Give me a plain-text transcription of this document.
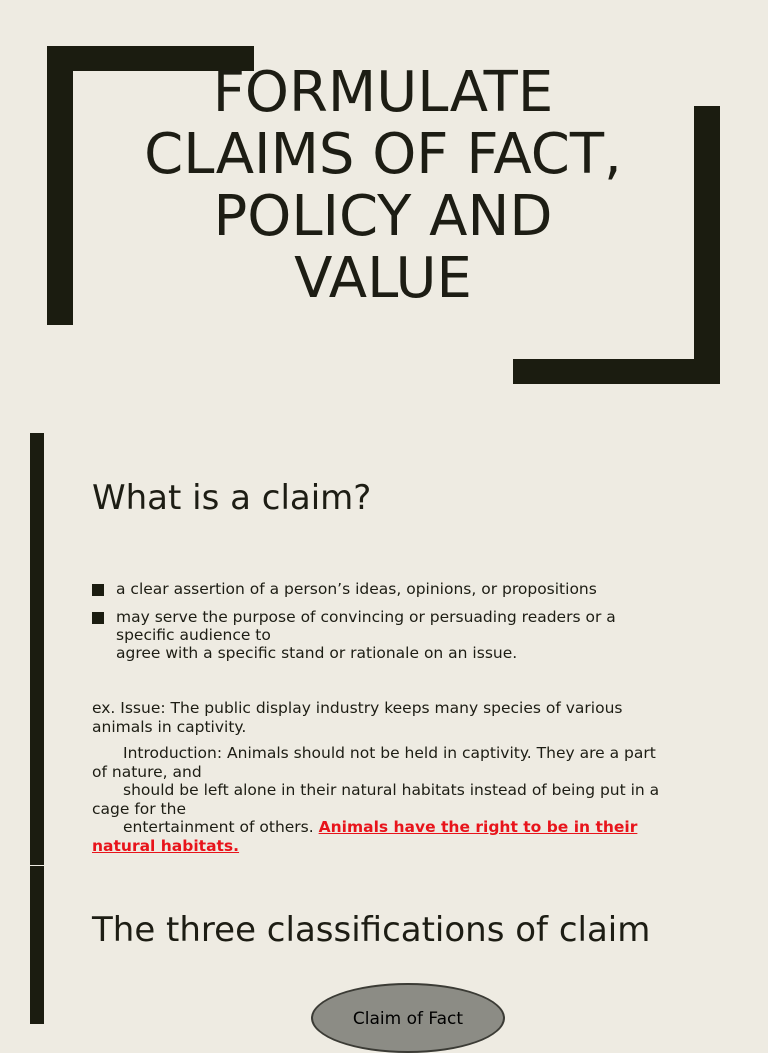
FORMULATE
CLAIMS OF FACT,
POLICY AND
VALUE
What is a claim?
a clear assertion of a person’s ideas, opinions, or propositions
may serve the purpose of convincing or persuading readers or a
specific audience to
agree with a specific stand or rationale on an issue.

ex. Issue: The public display industry keeps many species of various
animals in captivity.

Introduction: Animals should not be held in captivity. They are a part
of nature, and
should be left alone in their natural habitats instead of being put in a
cage for the
entertainment of others. Animals have the right to be in their
natural habitats.

The three classifications of claim
Claim of Fact
